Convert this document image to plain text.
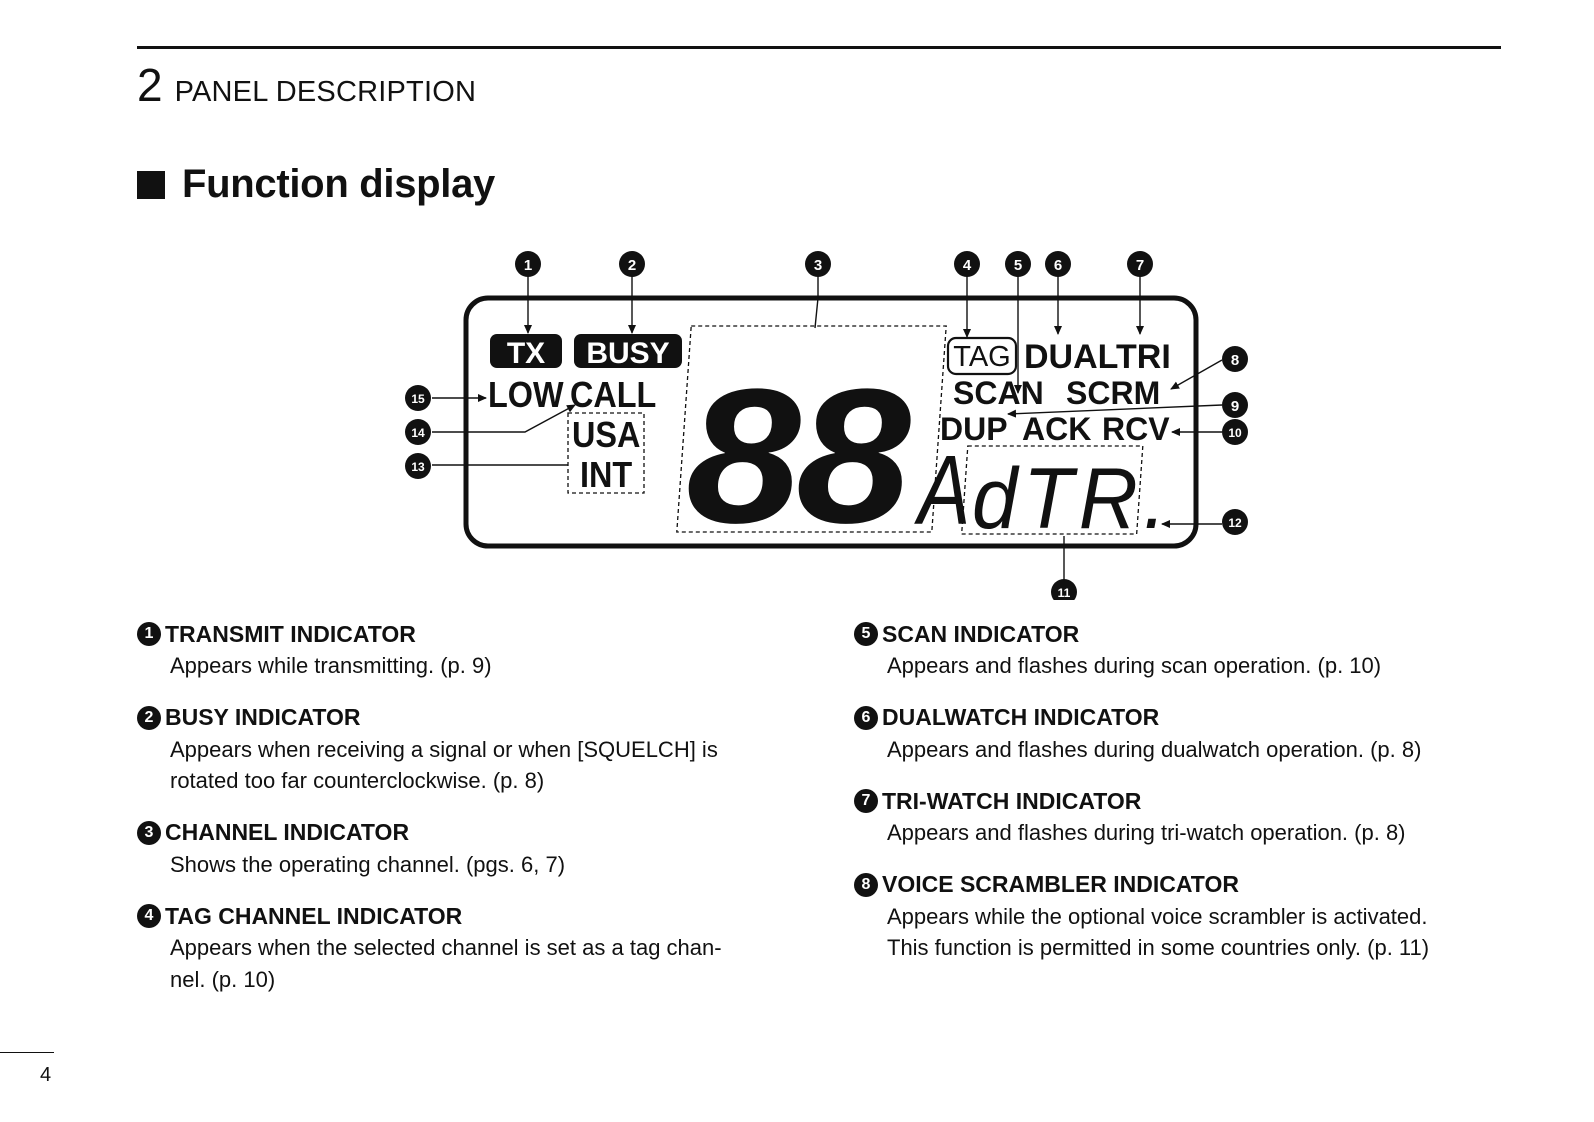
2 PANEL DESCRIPTION
Function display
TX BUSY
LOW CALL
USA
INT 88 A
TAG DUAL
TRI
SCAN SCRM
DUP ACK RCV
dTR.
1	2	3	4	5 6	7
8
9
10
11
12
13
14
15
1 TRANSMIT INDICATOR
Appears while transmitting. (p. 9)
2 BUSY INDICATOR
Appears when receiving a signal or when [SQUELCH] is
rotated too far counterclockwise. (p. 8)
3 CHANNEL INDICATOR
Shows the operating channel. (pgs. 6, 7)
4 TAG CHANNEL INDICATOR
Appears when the selected channel is set as a tag chan-
nel. (p. 10)
5 SCAN INDICATOR
Appears and flashes during scan operation. (p. 10)
6 DUALWATCH INDICATOR
Appears and flashes during dualwatch operation. (p. 8)
7 TRI-WATCH INDICATOR
Appears and flashes during tri-watch operation. (p. 8)
8 VOICE SCRAMBLER INDICATOR
Appears while the optional voice scrambler is activated.
This function is permitted in some countries only. (p. 11)
4
